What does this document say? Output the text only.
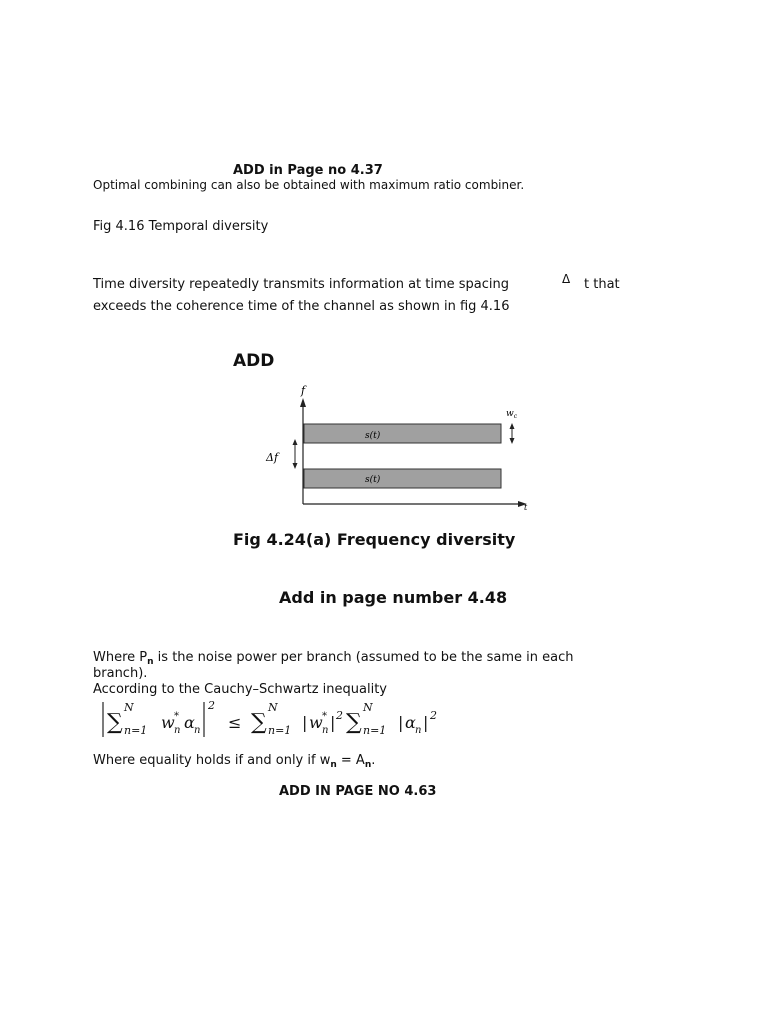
ADD in Page no 4.37
Optimal combining can also be obtained with maximum ratio combiner.
Fig 4.16 Temporal diversity
Time diversity repeatedly transmits information at time spacing	Δ t that
exceeds the coherence time of the channel as shown in fig 4.16
ADD
f
t
s(t)
s(t)
Δf
$w_c$
Fig 4.24(a) Frequency diversity
Add in page number 4.48
Where $P_n$ is the noise power per branch (assumed to be the same in each
branch).
According to the Cauchy–Schwartz inequality
∑
N
n=1 w *
n α n
2
≤ ∑
N
n=1 | w *
n | 2 ∑
N
n=1 | α n | 2
Where equality holds if and only if $w_n = A_n$.
ADD IN PAGE NO 4.63
